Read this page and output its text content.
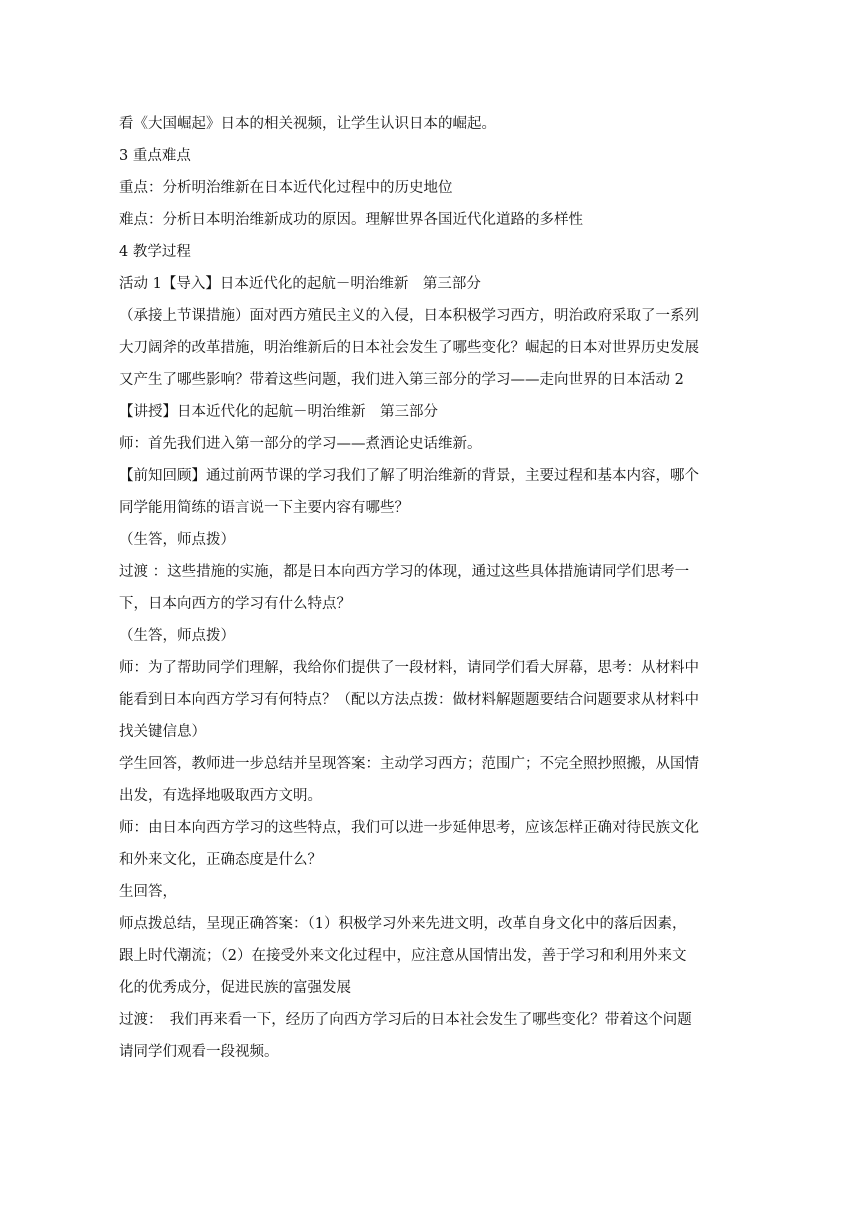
看《大国崛起》日本的相关视频，让学生认识日本的崛起。
3 重点难点
重点：分析明治维新在日本近代化过程中的历史地位
难点：分析日本明治维新成功的原因。理解世界各国近代化道路的多样性
4 教学过程
活动 1【导入】日本近代化的起航－明治维新　第三部分
（承接上节课措施）面对西方殖民主义的入侵，日本积极学习西方，明治政府采取了一系列
大刀阔斧的改革措施，明治维新后的日本社会发生了哪些变化？崛起的日本对世界历史发展
又产生了哪些影响？带着这些问题，我们进入第三部分的学习——走向世界的日本活动 2
【讲授】日本近代化的起航－明治维新　第三部分
师：首先我们进入第一部分的学习——煮酒论史话维新。
【前知回顾】通过前两节课的学习我们了解了明治维新的背景，主要过程和基本内容，哪个
同学能用简练的语言说一下主要内容有哪些？
（生答，师点拨）
过渡 ：这些措施的实施，都是日本向西方学习的体现，通过这些具体措施请同学们思考一
下，日本向西方的学习有什么特点？
（生答，师点拨）
师：为了帮助同学们理解，我给你们提供了一段材料，请同学们看大屏幕，思考：从材料中
能看到日本向西方学习有何特点？（配以方法点拨：做材料解题题要结合问题要求从材料中
找关键信息）
学生回答，教师进一步总结并呈现答案：主动学习西方；范围广；不完全照抄照搬，从国情
出发，有选择地吸取西方文明。
师：由日本向西方学习的这些特点，我们可以进一步延伸思考，应该怎样正确对待民族文化
和外来文化，正确态度是什么？
生回答，
师点拨总结，呈现正确答案：（1）积极学习外来先进文明，改革自身文化中的落后因素，
跟上时代潮流；（2）在接受外来文化过程中，应注意从国情出发，善于学习和利用外来文
化的优秀成分，促进民族的富强发展
过渡：　我们再来看一下，经历了向西方学习后的日本社会发生了哪些变化？带着这个问题
请同学们观看一段视频。
